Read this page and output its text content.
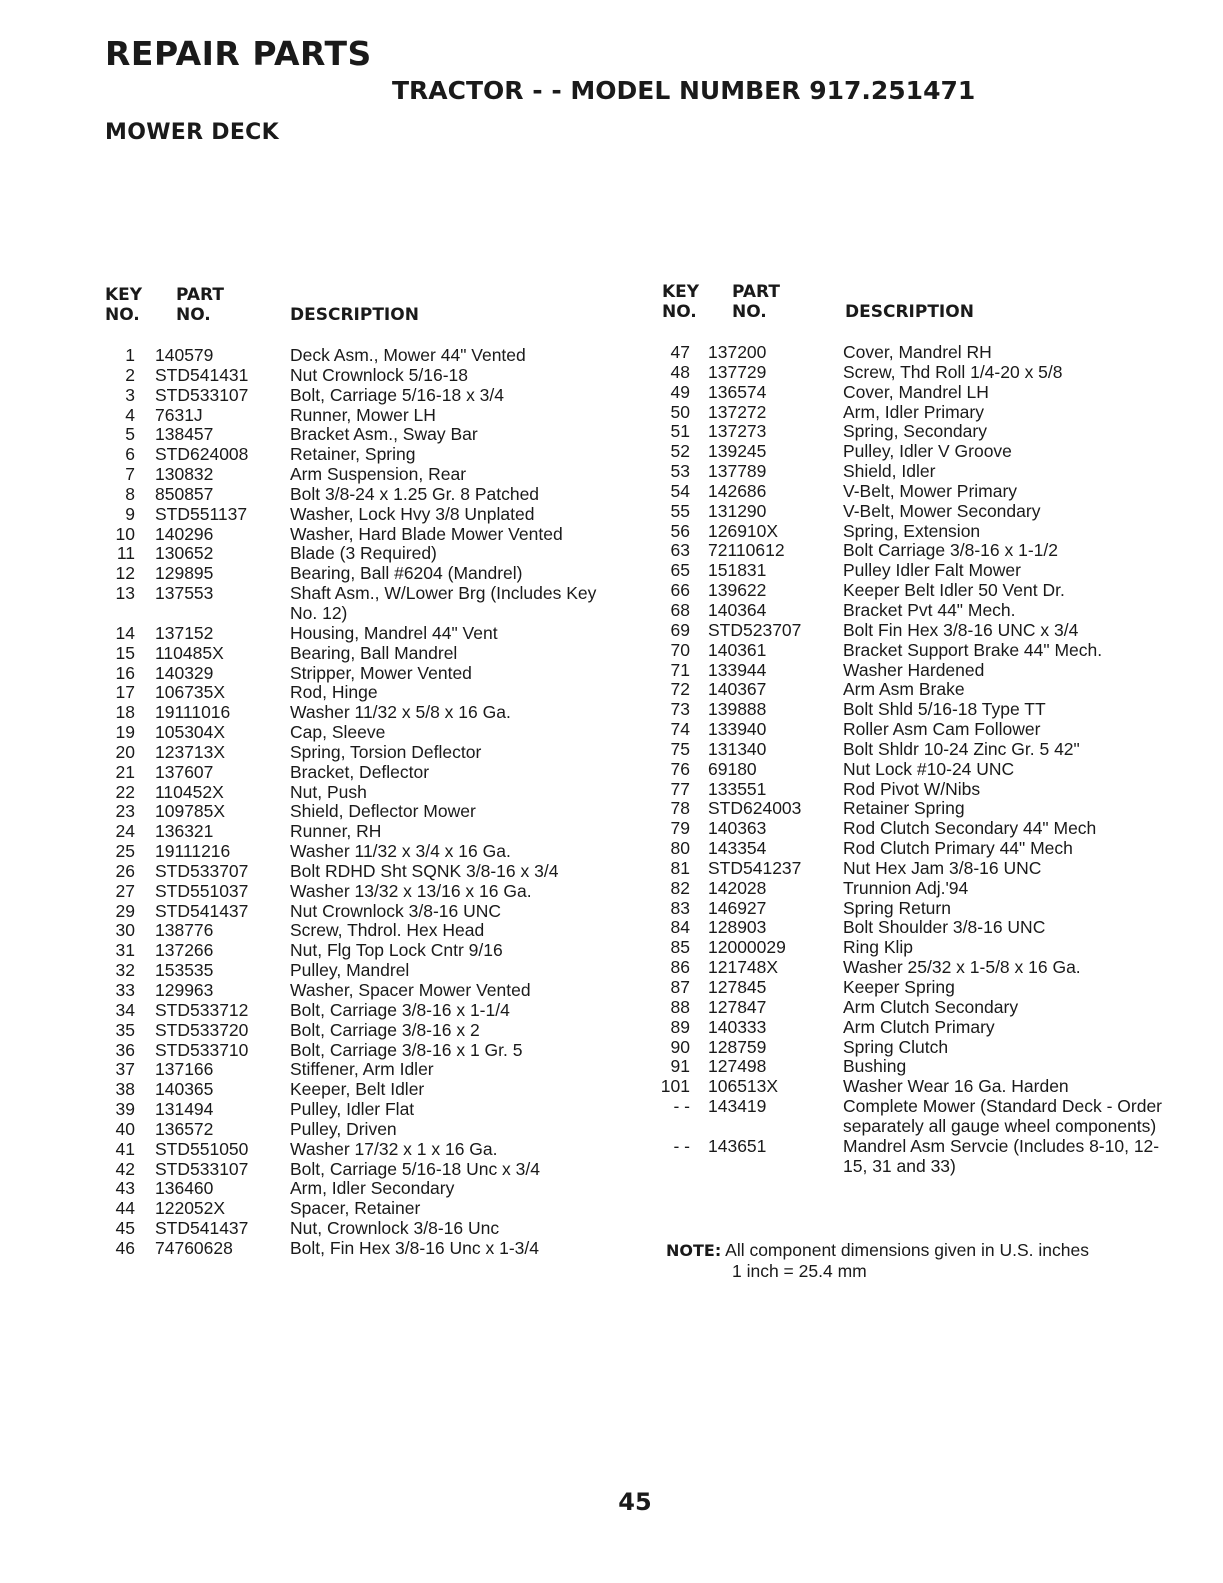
REPAIR PARTS
TRACTOR - - MODEL NUMBER 917.251471
MOWER DECK
KEY
NO.
PART
NO.	DESCRIPTION
KEY
NO.
PART
NO.	DESCRIPTION
1 140579	Deck Asm., Mower 44" Vented
2 STD541431	Nut Crownlock 5/16-18
3 STD533107	Bolt, Carriage 5/16-18 x 3/4
4 7631J	Runner, Mower LH
5 138457	Bracket Asm., Sway Bar
6 STD624008	Retainer, Spring
7 130832	Arm Suspension, Rear
8 850857	Bolt 3/8-24 x 1.25 Gr. 8 Patched
9 STD551137	Washer, Lock Hvy 3/8 Unplated
10 140296	Washer, Hard Blade Mower Vented
11 130652	Blade (3 Required)
12 129895	Bearing, Ball #6204 (Mandrel)
13 137553	Shaft Asm., W/Lower Brg (Includes Key No. 12)
14 137152	Housing, Mandrel 44" Vent
15 110485X	Bearing, Ball Mandrel
16 140329	Stripper, Mower Vented
17 106735X	Rod, Hinge
18 19111016	Washer 11/32 x 5/8 x 16 Ga.
19 105304X	Cap, Sleeve
20 123713X	Spring, Torsion Deflector
21 137607	Bracket, Deflector
22 110452X	Nut, Push
23 109785X	Shield, Deflector Mower
24 136321	Runner, RH
25 19111216	Washer 11/32 x 3/4 x 16 Ga.
26 STD533707	Bolt RDHD Sht SQNK 3/8-16 x 3/4
27 STD551037	Washer 13/32 x 13/16 x 16 Ga.
29 STD541437	Nut Crownlock 3/8-16 UNC
30 138776	Screw, Thdrol. Hex Head
31 137266	Nut, Flg Top Lock Cntr 9/16
32 153535	Pulley, Mandrel
33 129963	Washer, Spacer Mower Vented
34 STD533712	Bolt, Carriage 3/8-16 x 1-1/4
35 STD533720	Bolt, Carriage 3/8-16 x 2
36 STD533710	Bolt, Carriage 3/8-16 x 1 Gr. 5
37 137166	Stiffener, Arm Idler
38 140365	Keeper, Belt Idler
39 131494	Pulley, Idler Flat
40 136572	Pulley, Driven
41 STD551050	Washer 17/32 x 1 x 16 Ga.
42 STD533107	Bolt, Carriage 5/16-18 Unc x 3/4
43 136460	Arm, Idler Secondary
44 122052X	Spacer, Retainer
45 STD541437	Nut, Crownlock 3/8-16 Unc
46 74760628	Bolt, Fin Hex 3/8-16 Unc x 1-3/4
47 137200	Cover, Mandrel RH
48 137729	Screw, Thd Roll 1/4-20 x 5/8
49 136574	Cover, Mandrel LH
50 137272	Arm, Idler Primary
51 137273	Spring, Secondary
52 139245	Pulley, Idler V Groove
53 137789	Shield, Idler
54 142686	V-Belt, Mower Primary
55 131290	V-Belt, Mower Secondary
56 126910X	Spring, Extension
63 72110612	Bolt Carriage 3/8-16 x 1-1/2
65 151831	Pulley Idler Falt Mower
66 139622	Keeper Belt Idler 50 Vent Dr.
68 140364	Bracket Pvt 44" Mech.
69 STD523707	Bolt Fin Hex 3/8-16 UNC x 3/4
70 140361	Bracket Support Brake 44" Mech.
71 133944	Washer Hardened
72 140367	Arm Asm Brake
73 139888	Bolt Shld 5/16-18 Type TT
74 133940	Roller Asm Cam Follower
75 131340	Bolt Shldr 10-24 Zinc Gr. 5 42"
76 69180	Nut Lock #10-24 UNC
77 133551	Rod Pivot W/Nibs
78 STD624003	Retainer Spring
79 140363	Rod Clutch Secondary 44" Mech
80 143354	Rod Clutch Primary 44" Mech
81 STD541237	Nut Hex Jam 3/8-16 UNC
82 142028	Trunnion Adj.'94
83 146927	Spring Return
84 128903	Bolt Shoulder 3/8-16 UNC
85 12000029	Ring Klip
86 121748X	Washer 25/32 x 1-5/8 x 16 Ga.
87 127845	Keeper Spring
88 127847	Arm Clutch Secondary
89 140333	Arm Clutch Primary
90 128759	Spring Clutch
91 127498	Bushing
101 106513X	Washer Wear 16 Ga. Harden
- - 143419	Complete Mower (Standard Deck - Order separately all gauge wheel components)
- - 143651	Mandrel Asm Servcie (Includes 8-10, 12-15, 31 and 33)
NOTE: All component dimensions given in U.S. inches
1 inch = 25.4 mm
45
